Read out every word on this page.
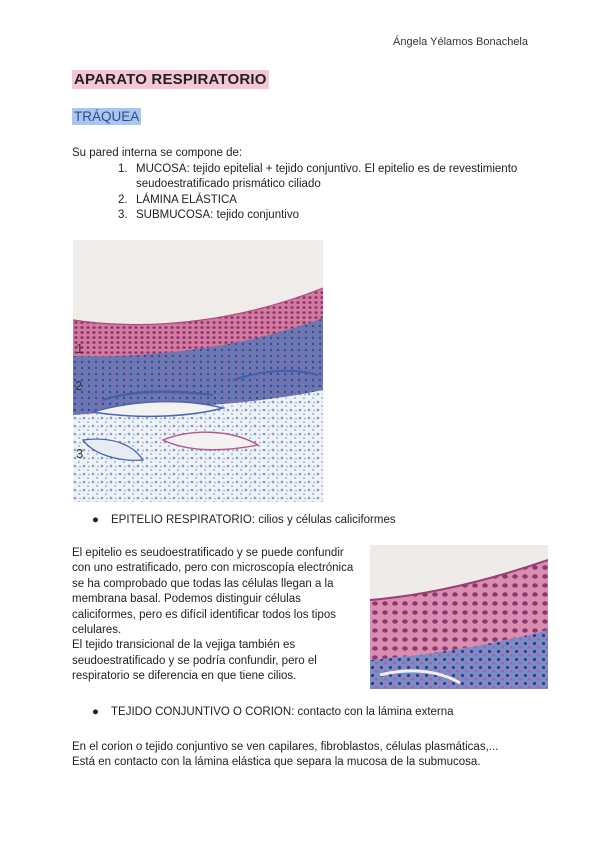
Ángela Yélamos Bonachela
APARATO RESPIRATORIO
TRÁQUEA
Su pared interna se compone de:
1. MUCOSA: tejido epitelial + tejido conjuntivo. El epitelio es de revestimiento seudoestratificado prismático ciliado
2. LÁMINA ELÁSTICA
3. SUBMUCOSA: tejido conjuntivo
1
2
3
● EPITELIO RESPIRATORIO: cilios y células caliciformes
El epitelio es seudoestratificado y se puede confundir con uno estratificado, pero con microscopía electrónica se ha comprobado que todas las células llegan a la membrana basal. Podemos distinguir células caliciformes, pero es difícil identificar todos los tipos celulares.
El tejido transicional de la vejiga también es seudoestratificado y se podría confundir, pero el respiratorio se diferencia en que tiene cilios.
● TEJIDO CONJUNTIVO O CORION: contacto con la lámina externa
En el corion o tejido conjuntivo se ven capilares, fibroblastos, células plasmáticas,...
Está en contacto con la lámina elástica que separa la mucosa de la submucosa.
